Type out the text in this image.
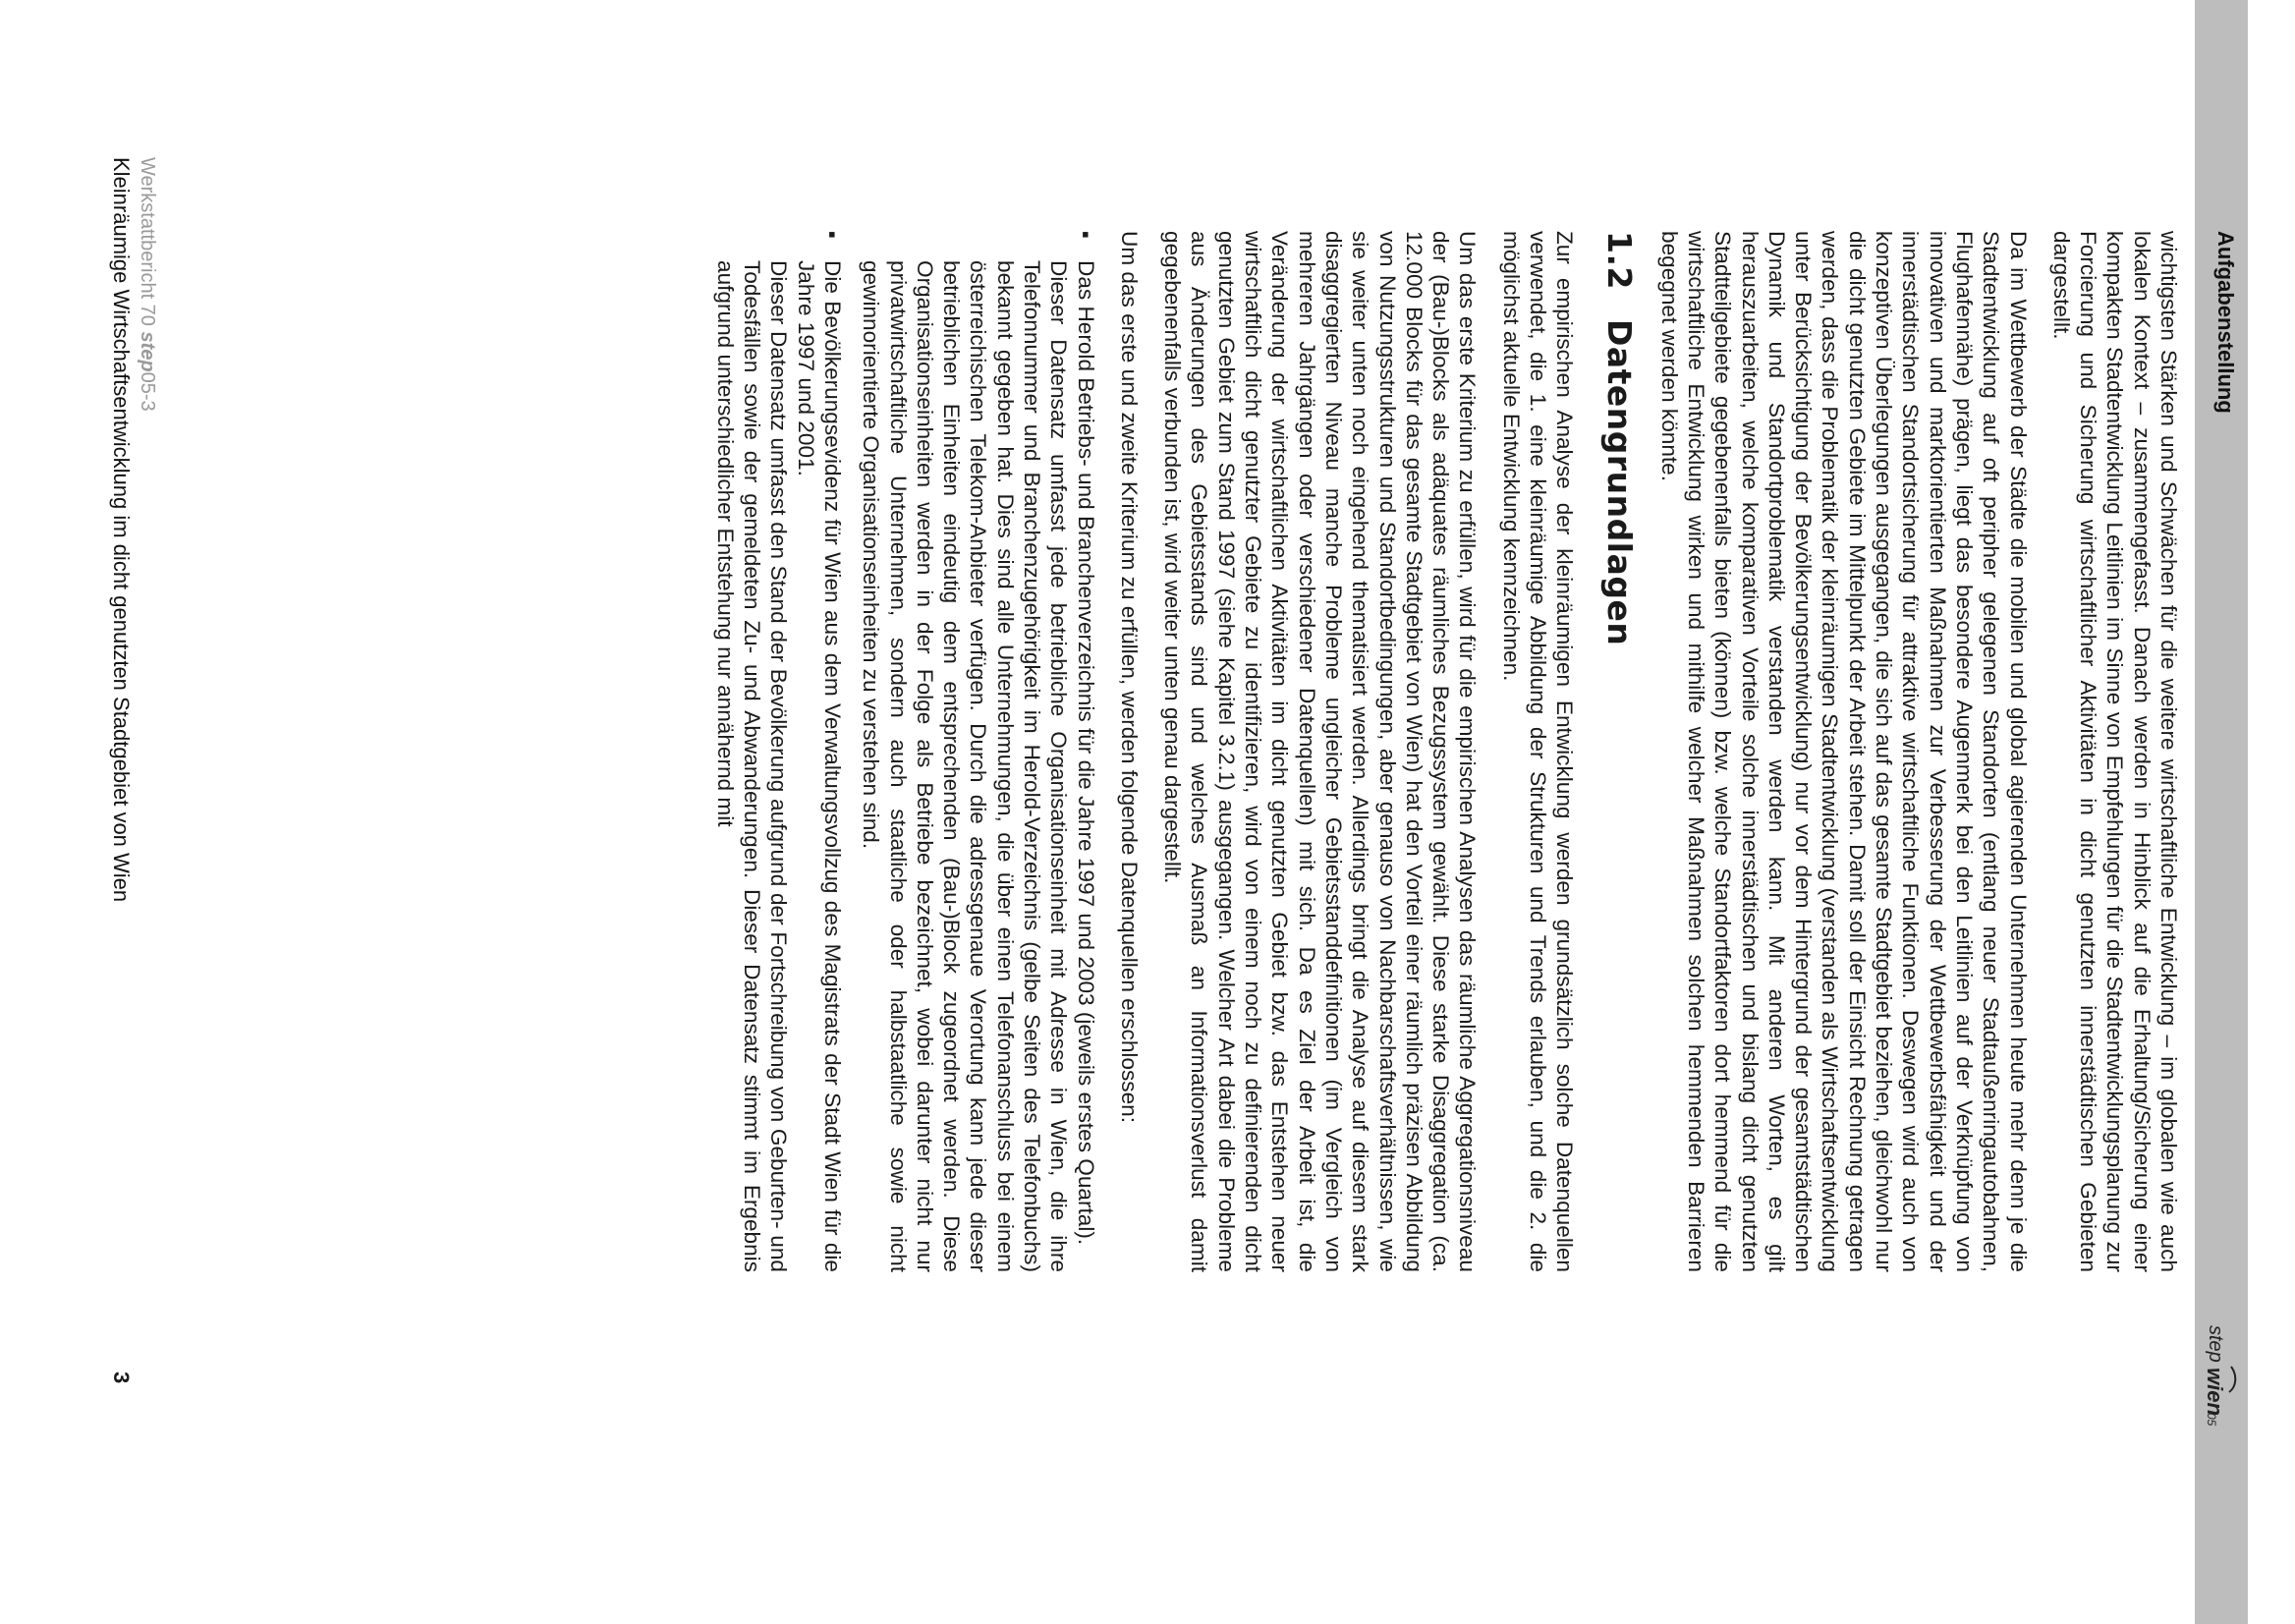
Aufgabenstellung
step
wien
05

wichtigsten Stärken und Schwächen für die weitere wirtschaftliche Entwicklung – im globalen wie auch lokalen Kontext – zusammengefasst. Danach werden in Hinblick auf die Erhaltung/Sicherung einer kompakten Stadtentwicklung Leitlinien im Sinne von Empfehlungen für die Stadtentwicklungsplanung zur Forcierung und Sicherung wirtschaftlicher Aktivitäten in dicht genutzten innerstädtischen Gebieten dargestellt.

Da im Wettbewerb der Städte die mobilen und global agierenden Unternehmen heute mehr denn je die Stadtentwicklung auf oft peripher gelegenen Standorten (entlang neuer Stadtaußenringautobahnen, Flughafennähe) prägen, liegt das besondere Augenmerk bei den Leitlinien auf der Verknüpfung von innovativen und marktorientierten Maßnahmen zur Verbesserung der Wettbewerbsfähigkeit und der innerstädtischen Standortsicherung für attraktive wirtschaftliche Funktionen. Deswegen wird auch von konzeptiven Überlegungen ausgegangen, die sich auf das gesamte Stadtgebiet beziehen, gleichwohl nur die dicht genutzten Gebiete im Mittelpunkt der Arbeit stehen. Damit soll der Einsicht Rechnung getragen werden, dass die Problematik der kleinräumigen Stadtentwicklung (verstanden als Wirtschaftsentwicklung unter Berücksichtigung der Bevölkerungsentwicklung) nur vor dem Hintergrund der gesamtstädtischen Dynamik und Standortproblematik verstanden werden kann. Mit anderen Worten, es gilt herauszuarbeiten, welche komparativen Vorteile solche innerstädtischen und bislang dicht genutzten Stadtteilgebiete gegebenenfalls bieten (können) bzw. welche Standortfaktoren dort hemmend für die wirtschaftliche Entwicklung wirken und mithilfe welcher Maßnahmen solchen hemmenden Barrieren begegnet werden könnte.

1.2 Datengrundlagen

Zur empirischen Analyse der kleinräumigen Entwicklung werden grundsätzlich solche Datenquellen verwendet, die 1. eine kleinräumige Abbildung der Strukturen und Trends erlauben, und die 2. die möglichst aktuelle Entwicklung kennzeichnen.

Um das erste Kriterium zu erfüllen, wird für die empirischen Analysen das räumliche Aggregationsniveau der (Bau-)Blocks als adäquates räumliches Bezugssystem gewählt. Diese starke Disaggregation (ca. 12.000 Blocks für das gesamte Stadtgebiet von Wien) hat den Vorteil einer räumlich präzisen Abbildung von Nutzungsstrukturen und Standortbedingungen, aber genauso von Nachbarschaftsverhältnissen, wie sie weiter unten noch eingehend thematisiert werden. Allerdings bringt die Analyse auf diesem stark disaggregierten Niveau manche Probleme ungleicher Gebietsstanddefinitionen (im Vergleich von mehreren Jahrgängen oder verschiedener Datenquellen) mit sich. Da es Ziel der Arbeit ist, die Veränderung der wirtschaftlichen Aktivitäten im dicht genutzten Gebiet bzw. das Entstehen neuer wirtschaftlich dicht genutzter Gebiete zu identifizieren, wird von einem noch zu definierenden dicht genutzten Gebiet zum Stand 1997 (siehe Kapitel 3.2.1) ausgegangen. Welcher Art dabei die Probleme aus Änderungen des Gebietsstands sind und welches Ausmaß an Informationsverlust damit gegebenenfalls verbunden ist, wird weiter unten genau dargestellt.

Um das erste und zweite Kriterium zu erfüllen, werden folgende Datenquellen erschlossen:

▪
Das Herold Betriebs- und Branchenverzeichnis für die Jahre 1997 und 2003 (jeweils erstes Quartal).
Dieser Datensatz umfasst jede betriebliche Organisationseinheit mit Adresse in Wien, die ihre Telefonnummer und Branchenzugehörigkeit im Herold-Verzeichnis (gelbe Seiten des Telefonbuchs) bekannt gegeben hat. Dies sind alle Unternehmungen, die über einen Telefonanschluss bei einem österreichischen Telekom-Anbieter verfügen. Durch die adressgenaue Verortung kann jede dieser betrieblichen Einheiten eindeutig dem entsprechenden (Bau-)Block zugeordnet werden. Diese Organisationseinheiten werden in der Folge als Betriebe bezeichnet, wobei darunter nicht nur privatwirtschaftliche Unternehmen, sondern auch staatliche oder halbstaatliche sowie nicht gewinnorientierte Organisationseinheiten zu verstehen sind.
▪
Die Bevölkerungsevidenz für Wien aus dem Verwaltungsvollzug des Magistrats der Stadt Wien für die Jahre 1997 und 2001.
Dieser Datensatz umfasst den Stand der Bevölkerung aufgrund der Fortschreibung von Geburten- und Todesfällen sowie der gemeldeten Zu- und Abwanderungen. Dieser Datensatz stimmt im Ergebnis aufgrund unterschiedlicher Entstehung nur annähernd mit
Werkstattbericht 70 step05-3
Kleinräumige Wirtschaftsentwicklung im dicht genutzten Stadtgebiet von Wien
3
